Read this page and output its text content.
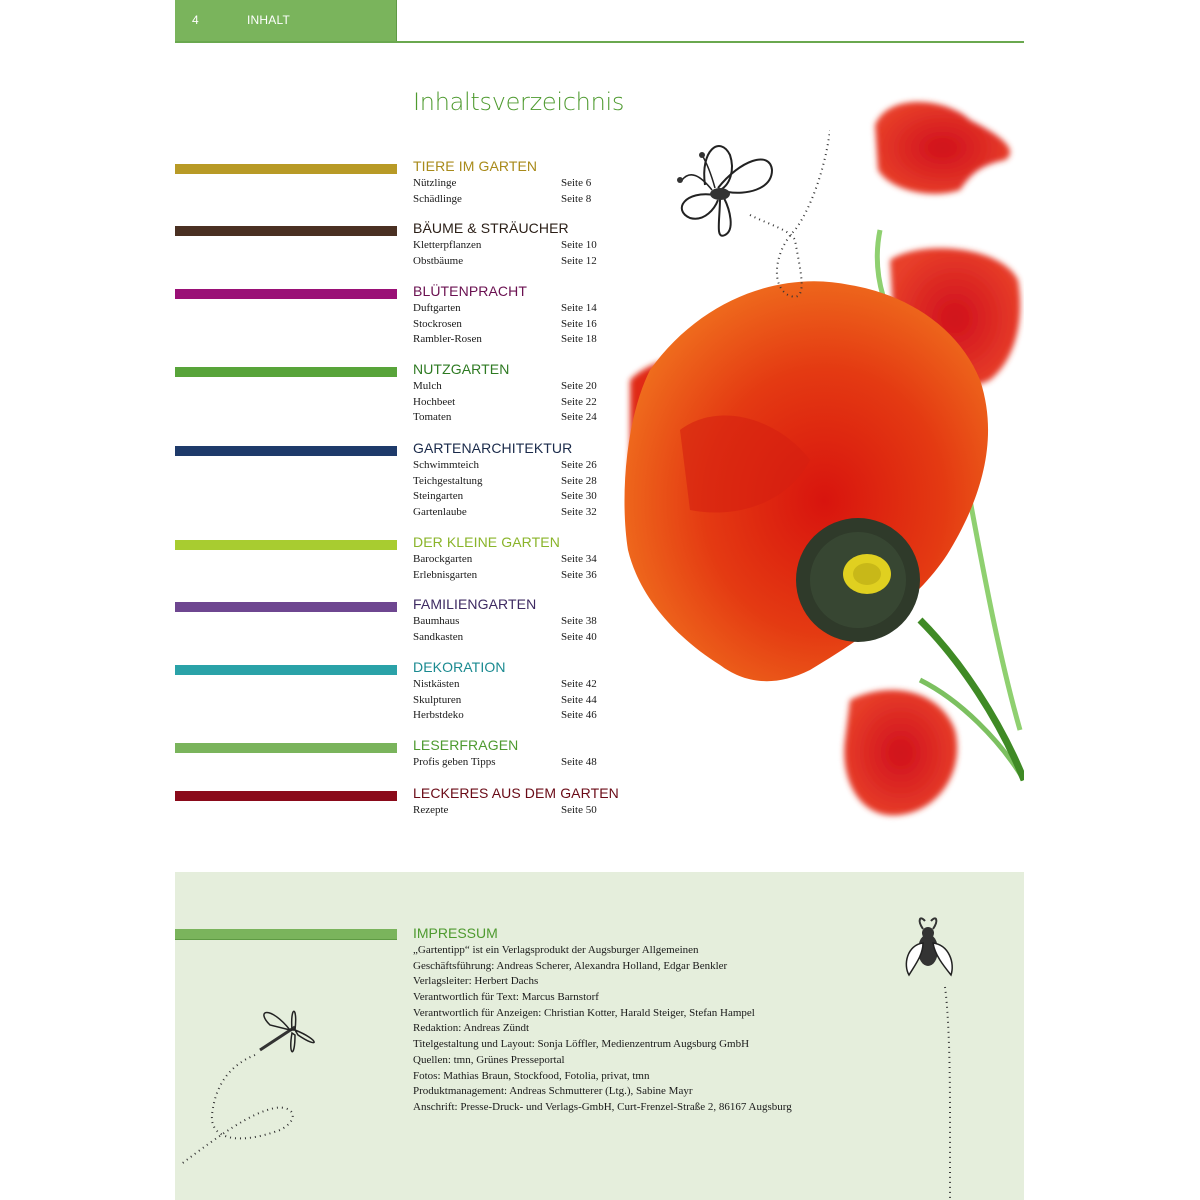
4	INHALT
Inhaltsverzeichnis
TIERE IM GARTEN
Nützlinge	Seite 6
Schädlinge	Seite 8
BÄUME & STRÄUCHER
Kletterpflanzen	Seite 10
Obstbäume	Seite 12
BLÜTENPRACHT
Duftgarten	Seite 14
Stockrosen	Seite 16
Rambler-Rosen	Seite 18
NUTZGARTEN
Mulch	Seite 20
Hochbeet	Seite 22
Tomaten	Seite 24
GARTENARCHITEKTUR
Schwimmteich	Seite 26
Teichgestaltung	Seite 28
Steingarten	Seite 30
Gartenlaube	Seite 32
DER KLEINE GARTEN
Barockgarten	Seite 34
Erlebnisgarten	Seite 36
FAMILIENGARTEN
Baumhaus	Seite 38
Sandkasten	Seite 40
DEKORATION
Nistkästen	Seite 42
Skulpturen	Seite 44
Herbstdeko	Seite 46
LESERFRAGEN
Profis geben Tipps	Seite 48
LECKERES AUS DEM GARTEN
Rezepte	Seite 50
IMPRESSUM
„Gartentipp“ ist ein Verlagsprodukt der Augsburger Allgemeinen
Geschäftsführung: Andreas Scherer, Alexandra Holland, Edgar Benkler
Verlagsleiter: Herbert Dachs
Verantwortlich für Text: Marcus Barnstorf
Verantwortlich für Anzeigen: Christian Kotter, Harald Steiger, Stefan Hampel
Redaktion: Andreas Zündt
Titelgestaltung und Layout: Sonja Löffler, Medienzentrum Augsburg GmbH
Quellen: tmn, Grünes Presseportal
Fotos: Mathias Braun, Stockfood, Fotolia, privat, tmn
Produktmanagement: Andreas Schmutterer (Ltg.), Sabine Mayr
Anschrift: Presse-Druck- und Verlags-GmbH, Curt-Frenzel-Straße 2, 86167 Augsburg
